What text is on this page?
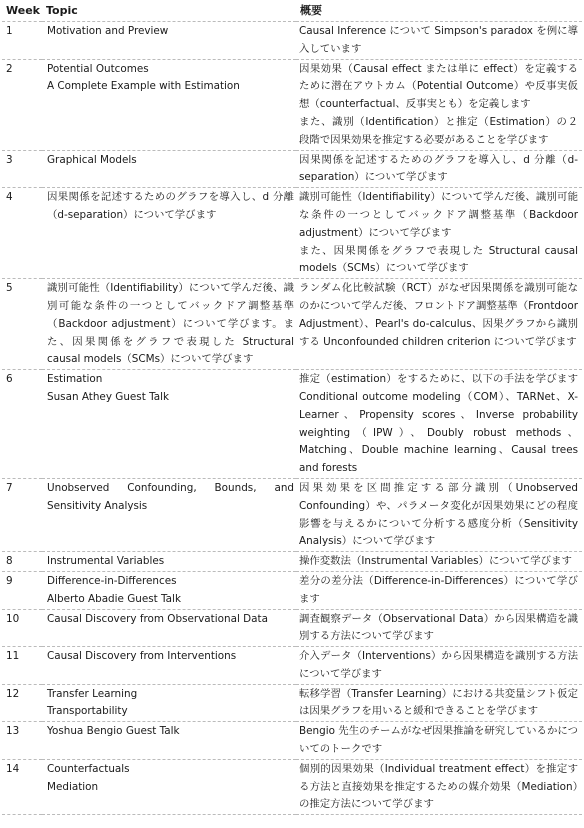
Week	Topic	概要
1	Motivation and Preview	Causal Inference について Simpson's paradox を例に導入しています

2	Potential Outcomes
A Complete Example with Estimation	因果効果（Causal effect または単に effect）を定義するために潜在アウトカム（Potential Outcome）や反事実仮想（counterfactual、反事実とも）を定義します
また、識別（Identification）と推定（Estimation）の２段階で因果効果を推定する必要があることを学びます

3	Graphical Models	因果関係を記述するためのグラフを導入し、d 分離（d-separation）について学びます

4	因果関係を記述するためのグラフを導入し、d 分離（d-separation）について学びます	識別可能性（Identifiability）について学んだ後、識別可能な条件の一つとしてバックドア調整基準（Backdoor adjustment）について学びます
また、因果関係をグラフで表現した Structural causal models（SCMs）について学びます

5	識別可能性（Identifiability）について学んだ後、識別可能な条件の一つとしてバックドア調整基準（Backdoor adjustment）について学びます。また、因果関係をグラフで表現した Structural causal models（SCMs）について学びます	ランダム化比較試験（RCT）がなぜ因果関係を識別可能なのかについて学んだ後、フロントドア調整基準（Frontdoor Adjustment）、Pearl's do-calculus、因果グラフから識別する Unconfounded children criterion について学びます

6	Estimation
Susan Athey Guest Talk	推定（estimation）をするために、以下の手法を学びます Conditional outcome modeling（COM）、TARNet、X-Learner、Propensity scores、Inverse probability weighting（IPW）、Doubly robust methods、Matching、Double machine learning、Causal trees and forests

7	Unobserved Confounding, Bounds, and Sensitivity Analysis	因果効果を区間推定する部分識別（Unobserved Confounding）や、パラメータ変化が因果効果にどの程度影響を与えるかについて分析する感度分析（Sensitivity Analysis）について学びます

8	Instrumental Variables	操作変数法（Instrumental Variables）について学びます

9	Difference-in-Differences
Alberto Abadie Guest Talk	差分の差分法（Difference-in-Differences）について学びます

10	Causal Discovery from Observational Data	調査観察データ（Observational Data）から因果構造を識別する方法について学びます

11	Causal Discovery from Interventions	介入データ（Interventions）から因果構造を識別する方法について学びます

12	Transfer Learning
Transportability	転移学習（Transfer Learning）における共変量シフト仮定は因果グラフを用いると緩和できることを学びます

13	Yoshua Bengio Guest Talk	Bengio 先生のチームがなぜ因果推論を研究しているかについてのトークです

14	Counterfactuals
Mediation	個別的因果効果（Individual treatment effect）を推定する方法と直接効果を推定するための媒介効果（Mediation）の推定方法について学びます
